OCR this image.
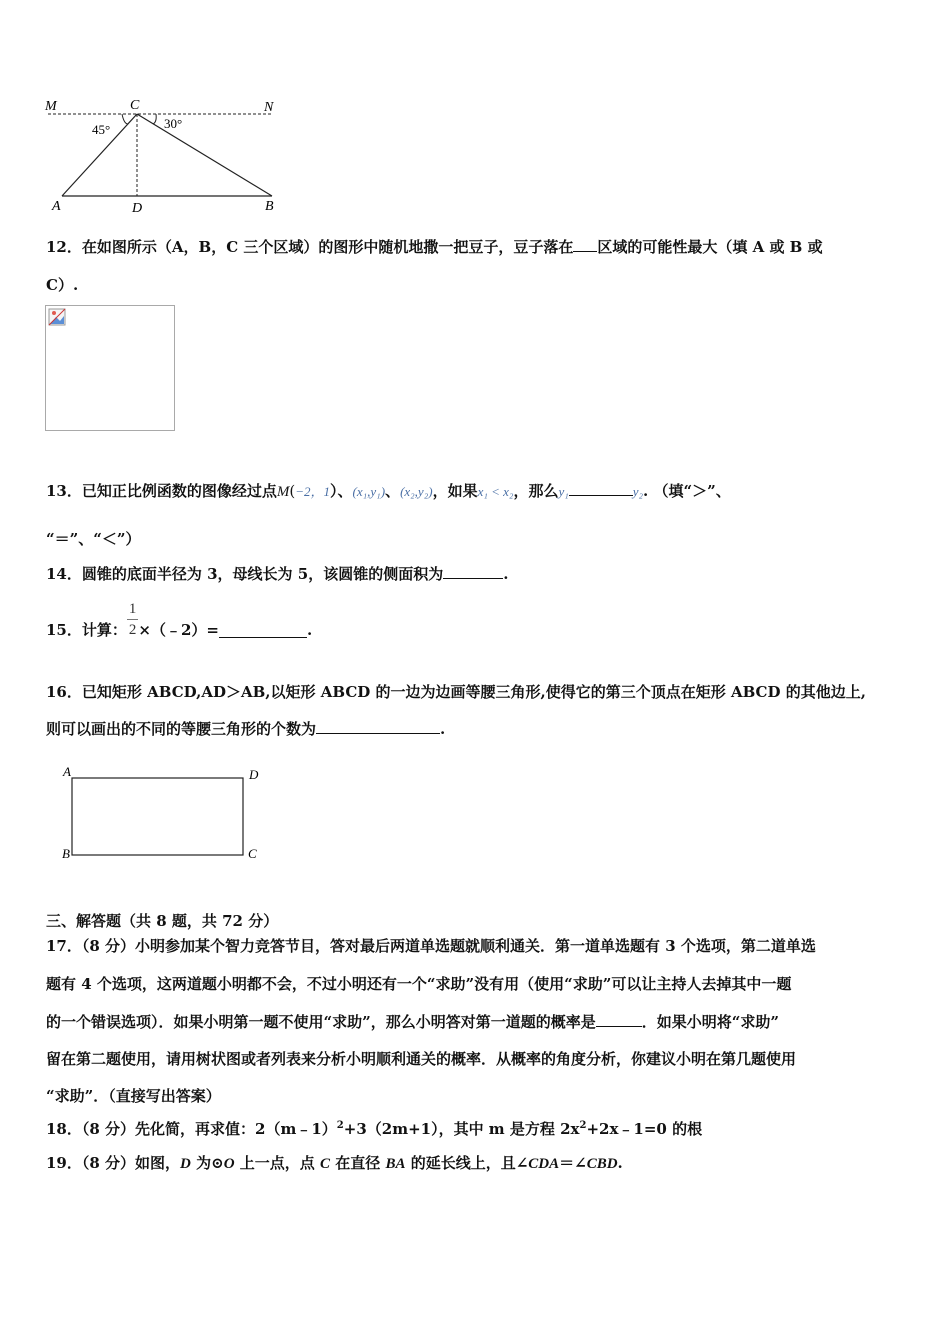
M	C	N
A	D	B
45°	30°
12．在如图所示（A，B，C 三个区域）的图形中随机地撒一把豆子，豆子落在 区域的可能性最大（填 A 或 B 或
C）.
13．已知正比例函数的图像经过点M(−2，1）、(x₁,y₁)、(x₂,y₂)，如果x₁ < x₂，那么y₁	y₂. （填“＞”、
“＝”、“＜”）
14．圆锥的底面半径为 3，母线长为 5，该圆锥的侧面积为	.
15．计算： $\frac{1}{2}$ ×（﹣2）=	.
16．已知矩形 ABCD,AD＞AB,以矩形 ABCD 的一边为边画等腰三角形,使得它的第三个顶点在矩形 ABCD 的其他边上,
则可以画出的不同的等腰三角形的个数为	.
A	D
B	C
三、解答题（共 8 题，共 72 分）
17．（8 分）小明参加某个智力竞答节目，答对最后两道单选题就顺利通关．第一道单选题有 3 个选项，第二道单选
题有 4 个选项，这两道题小明都不会，不过小明还有一个“求助”没有用（使用“求助”可以让主持人去掉其中一题
的一个错误选项）．如果小明第一题不使用“求助”，那么小明答对第一道题的概率是	．如果小明将“求助”
留在第二题使用，请用树状图或者列表来分析小明顺利通关的概率．从概率的角度分析，你建议小明在第几题使用
“求助”．（直接写出答案）
18．（8 分）先化简，再求值：2（m﹣1）$^2$+3（2m+1），其中 m 是方程 $2x^2+2x﹣1=0$ 的根
19．（8 分）如图，D 为⊙O 上一点，点 C 在直径 BA 的延长线上，且∠CDA＝∠CBD.
